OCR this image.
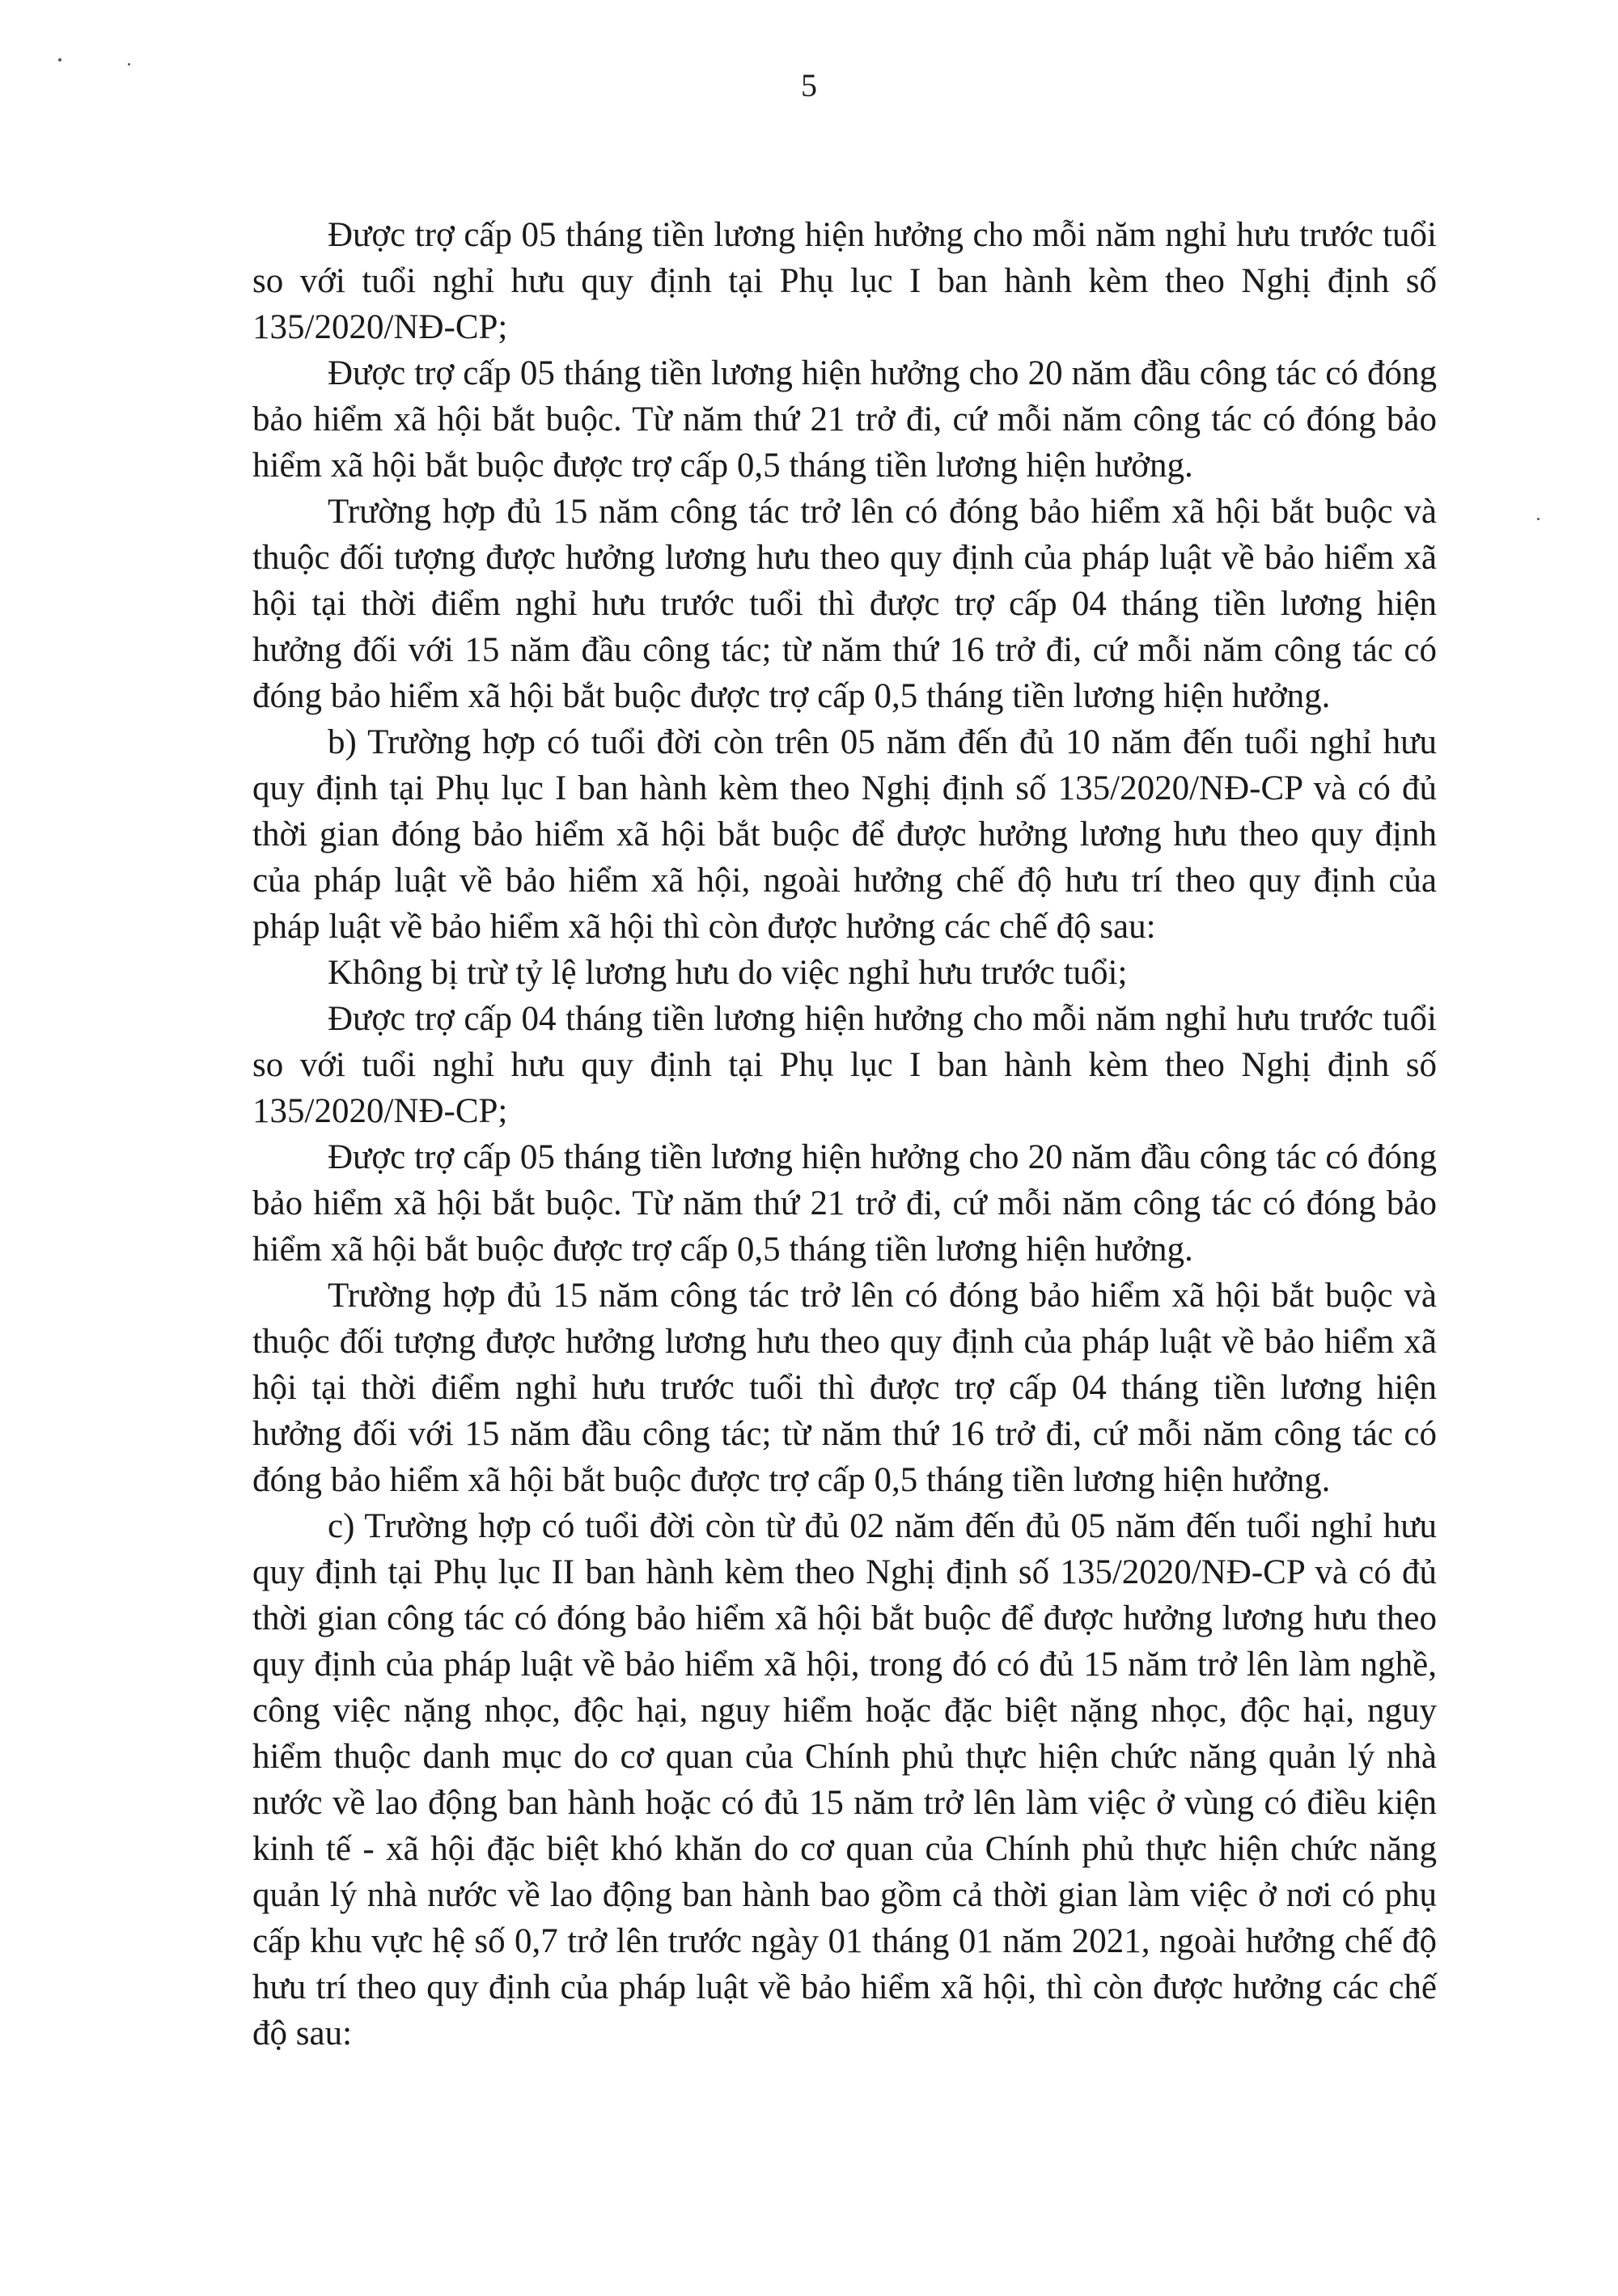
5

Được trợ cấp 05 tháng tiền lương hiện hưởng cho mỗi năm nghỉ hưu trước tuổi so với tuổi nghỉ hưu quy định tại Phụ lục I ban hành kèm theo Nghị định số 135/2020/NĐ-CP;

Được trợ cấp 05 tháng tiền lương hiện hưởng cho 20 năm đầu công tác có đóng bảo hiểm xã hội bắt buộc. Từ năm thứ 21 trở đi, cứ mỗi năm công tác có đóng bảo hiểm xã hội bắt buộc được trợ cấp 0,5 tháng tiền lương hiện hưởng.

Trường hợp đủ 15 năm công tác trở lên có đóng bảo hiểm xã hội bắt buộc và thuộc đối tượng được hưởng lương hưu theo quy định của pháp luật về bảo hiểm xã hội tại thời điểm nghỉ hưu trước tuổi thì được trợ cấp 04 tháng tiền lương hiện hưởng đối với 15 năm đầu công tác; từ năm thứ 16 trở đi, cứ mỗi năm công tác có đóng bảo hiểm xã hội bắt buộc được trợ cấp 0,5 tháng tiền lương hiện hưởng.

b) Trường hợp có tuổi đời còn trên 05 năm đến đủ 10 năm đến tuổi nghỉ hưu quy định tại Phụ lục I ban hành kèm theo Nghị định số 135/2020/NĐ-CP và có đủ thời gian đóng bảo hiểm xã hội bắt buộc để được hưởng lương hưu theo quy định của pháp luật về bảo hiểm xã hội, ngoài hưởng chế độ hưu trí theo quy định của pháp luật về bảo hiểm xã hội thì còn được hưởng các chế độ sau:

Không bị trừ tỷ lệ lương hưu do việc nghỉ hưu trước tuổi;

Được trợ cấp 04 tháng tiền lương hiện hưởng cho mỗi năm nghỉ hưu trước tuổi so với tuổi nghỉ hưu quy định tại Phụ lục I ban hành kèm theo Nghị định số 135/2020/NĐ-CP;

Được trợ cấp 05 tháng tiền lương hiện hưởng cho 20 năm đầu công tác có đóng bảo hiểm xã hội bắt buộc. Từ năm thứ 21 trở đi, cứ mỗi năm công tác có đóng bảo hiểm xã hội bắt buộc được trợ cấp 0,5 tháng tiền lương hiện hưởng.

Trường hợp đủ 15 năm công tác trở lên có đóng bảo hiểm xã hội bắt buộc và thuộc đối tượng được hưởng lương hưu theo quy định của pháp luật về bảo hiểm xã hội tại thời điểm nghỉ hưu trước tuổi thì được trợ cấp 04 tháng tiền lương hiện hưởng đối với 15 năm đầu công tác; từ năm thứ 16 trở đi, cứ mỗi năm công tác có đóng bảo hiểm xã hội bắt buộc được trợ cấp 0,5 tháng tiền lương hiện hưởng.

c) Trường hợp có tuổi đời còn từ đủ 02 năm đến đủ 05 năm đến tuổi nghỉ hưu quy định tại Phụ lục II ban hành kèm theo Nghị định số 135/2020/NĐ-CP và có đủ thời gian công tác có đóng bảo hiểm xã hội bắt buộc để được hưởng lương hưu theo quy định của pháp luật về bảo hiểm xã hội, trong đó có đủ 15 năm trở lên làm nghề, công việc nặng nhọc, độc hại, nguy hiểm hoặc đặc biệt nặng nhọc, độc hại, nguy hiểm thuộc danh mục do cơ quan của Chính phủ thực hiện chức năng quản lý nhà nước về lao động ban hành hoặc có đủ 15 năm trở lên làm việc ở vùng có điều kiện kinh tế - xã hội đặc biệt khó khăn do cơ quan của Chính phủ thực hiện chức năng quản lý nhà nước về lao động ban hành bao gồm cả thời gian làm việc ở nơi có phụ cấp khu vực hệ số 0,7 trở lên trước ngày 01 tháng 01 năm 2021, ngoài hưởng chế độ hưu trí theo quy định của pháp luật về bảo hiểm xã hội, thì còn được hưởng các chế độ sau:
